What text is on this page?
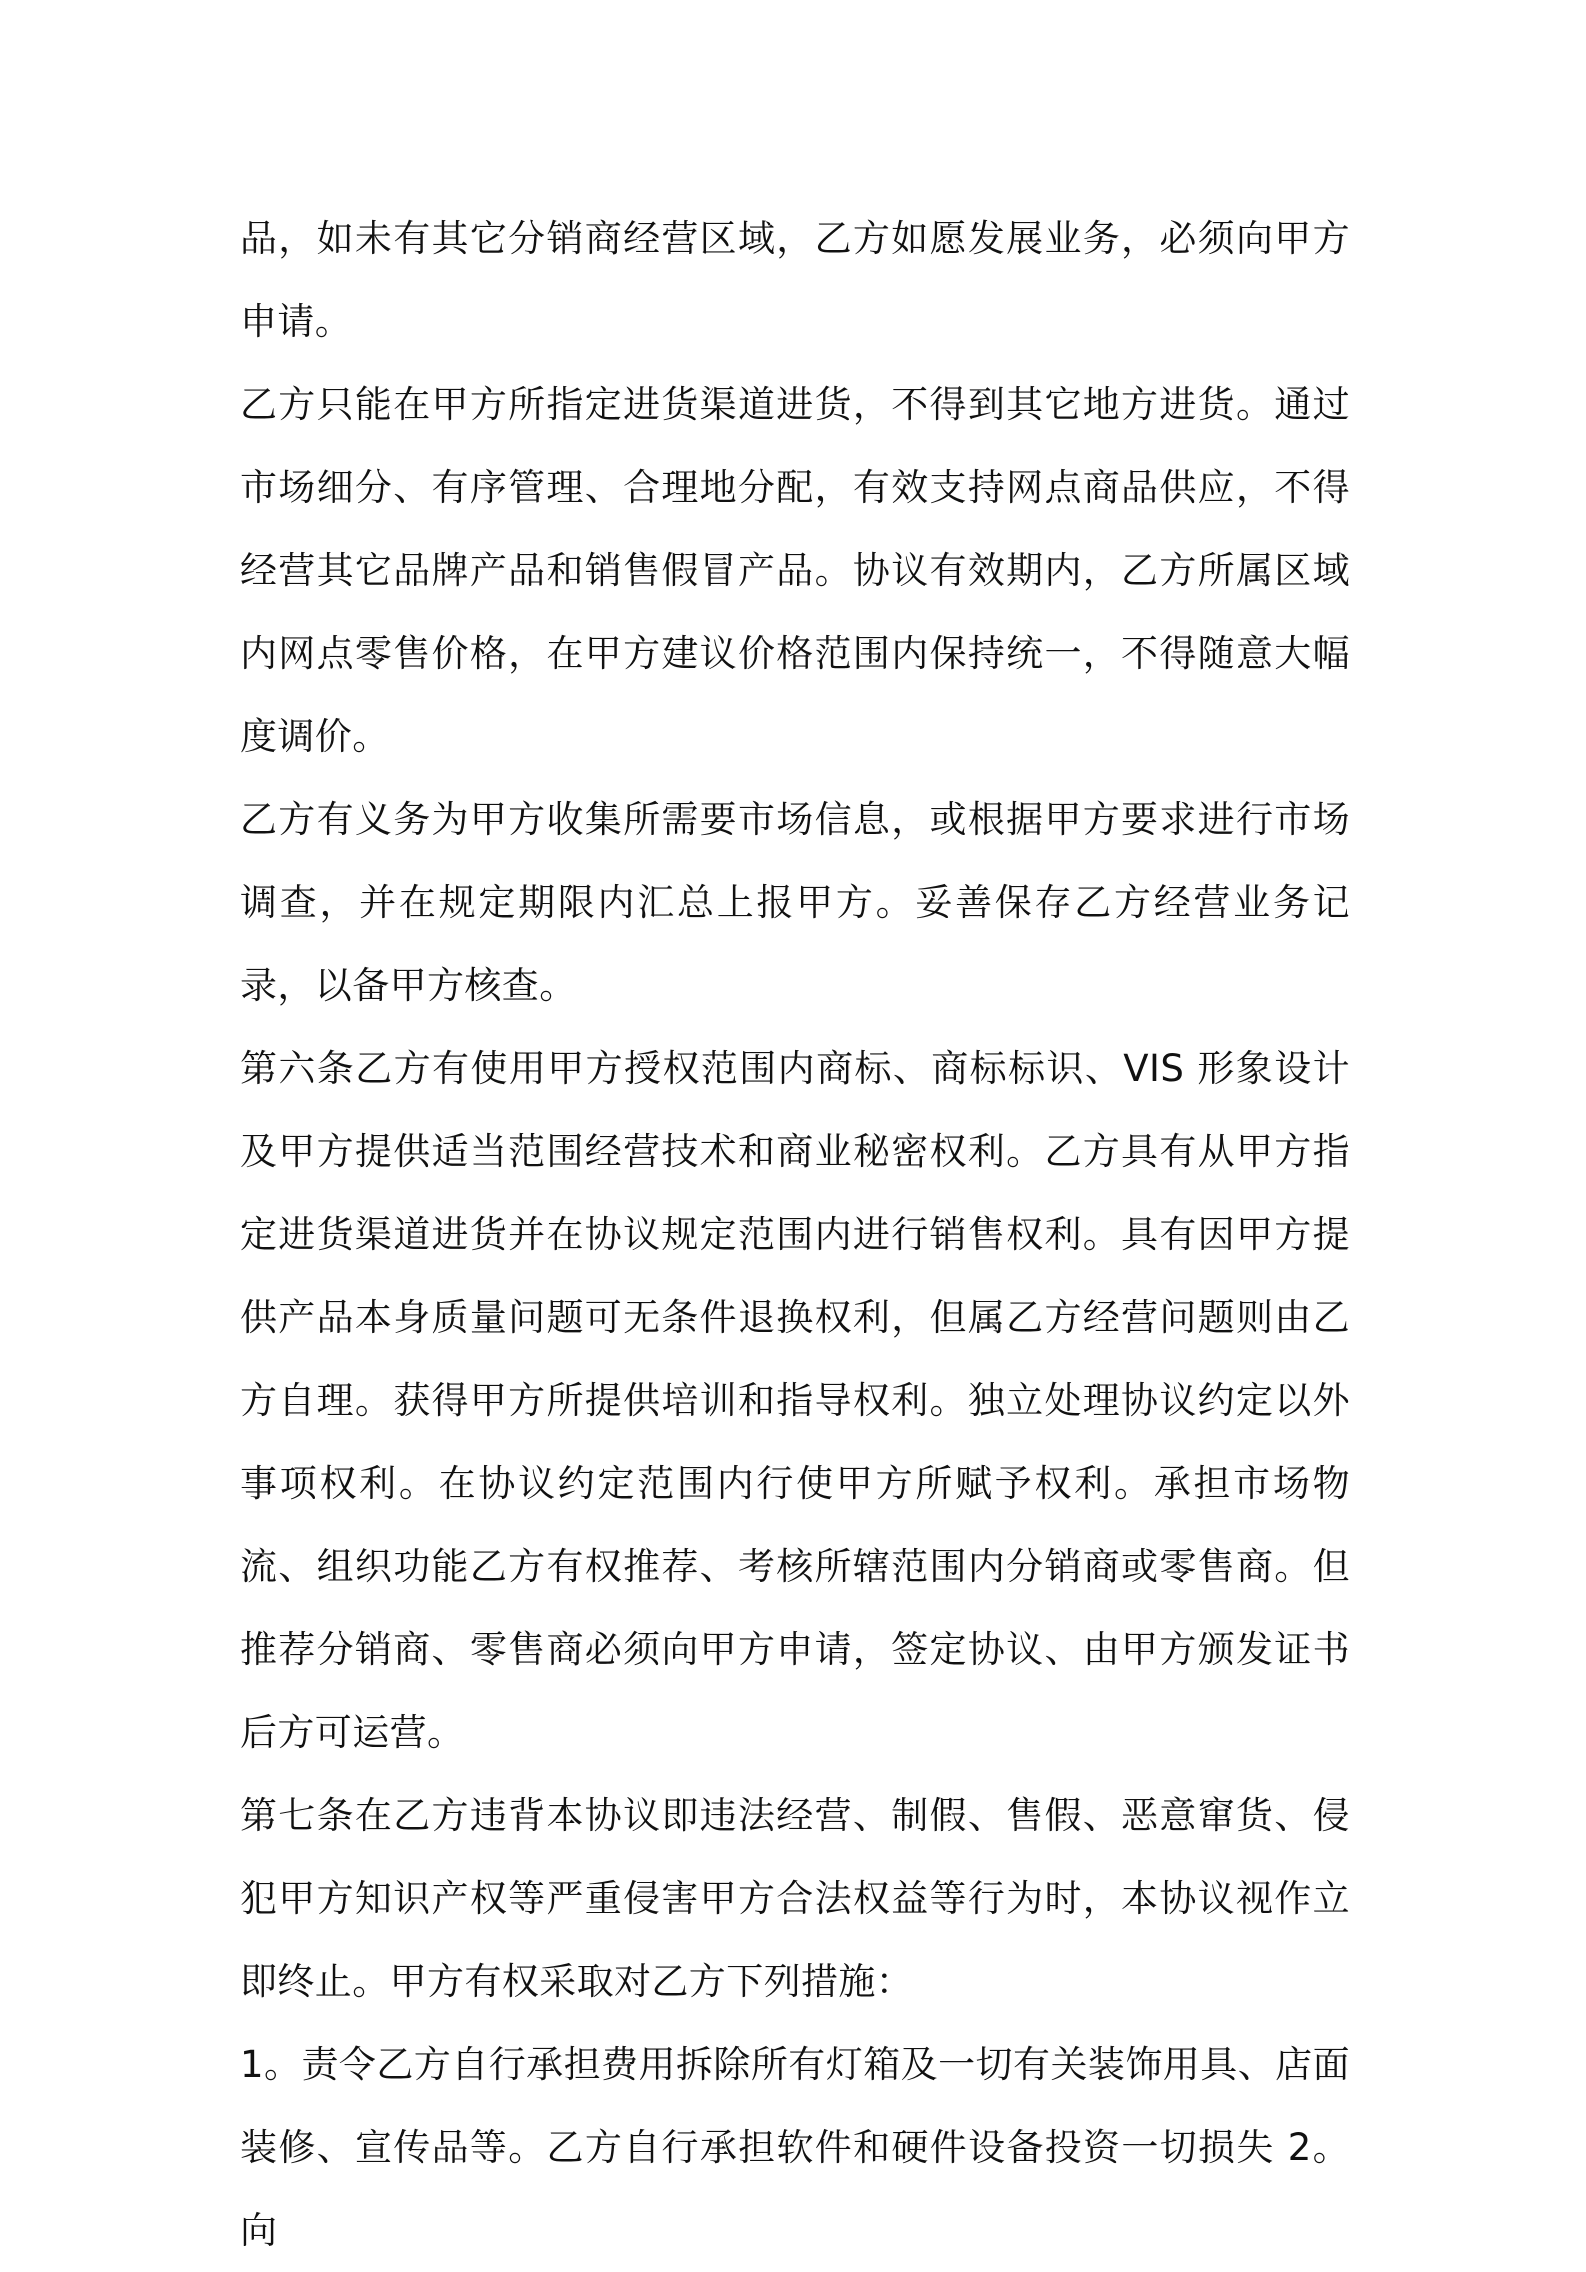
品，如未有其它分销商经营区域，乙方如愿发展业务，必须向甲方申请。

乙方只能在甲方所指定进货渠道进货，不得到其它地方进货。通过市场细分、有序管理、合理地分配，有效支持网点商品供应，不得经营其它品牌产品和销售假冒产品。协议有效期内，乙方所属区域内网点零售价格，在甲方建议价格范围内保持统一，不得随意大幅度调价。

乙方有义务为甲方收集所需要市场信息，或根据甲方要求进行市场调查，并在规定期限内汇总上报甲方。妥善保存乙方经营业务记录，以备甲方核查。

第六条乙方有使用甲方授权范围内商标、商标标识、VIS 形象设计及甲方提供适当范围经营技术和商业秘密权利。乙方具有从甲方指定进货渠道进货并在协议规定范围内进行销售权利。具有因甲方提供产品本身质量问题可无条件退换权利，但属乙方经营问题则由乙方自理。获得甲方所提供培训和指导权利。独立处理协议约定以外事项权利。在协议约定范围内行使甲方所赋予权利。承担市场物流、组织功能乙方有权推荐、考核所辖范围内分销商或零售商。但推荐分销商、零售商必须向甲方申请，签定协议、由甲方颁发证书后方可运营。

第七条在乙方违背本协议即违法经营、制假、售假、恶意窜货、侵犯甲方知识产权等严重侵害甲方合法权益等行为时，本协议视作立即终止。甲方有权采取对乙方下列措施：

1。责令乙方自行承担费用拆除所有灯箱及一切有关装饰用具、店面装修、宣传品等。乙方自行承担软件和硬件设备投资一切损失 2。向
